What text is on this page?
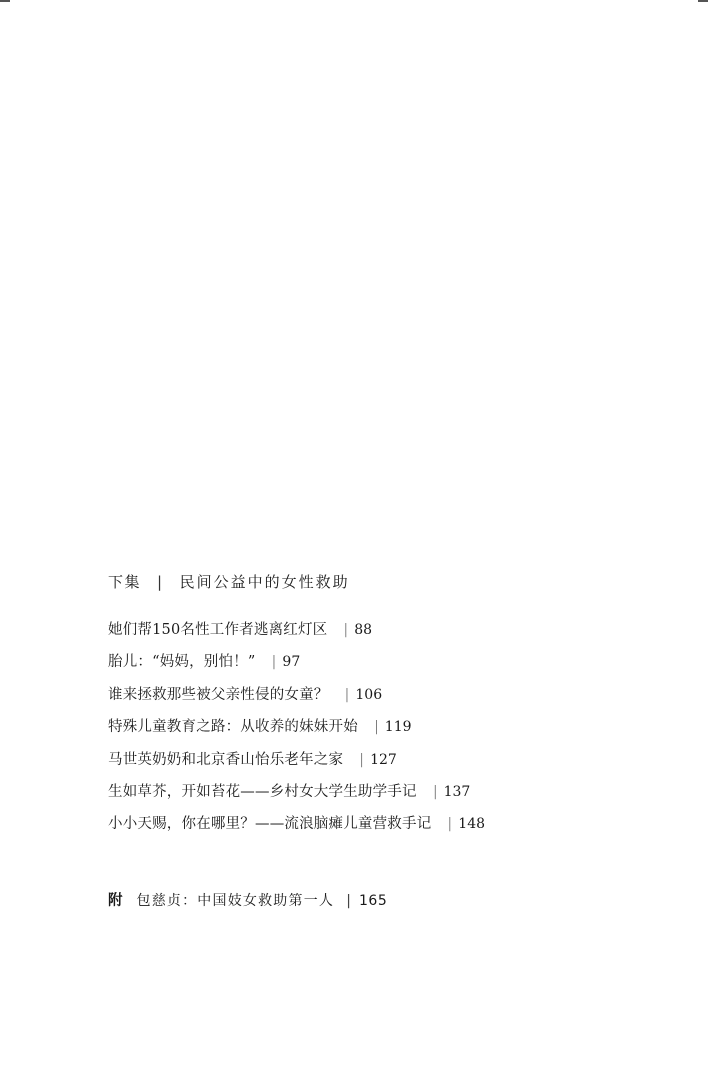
下集 | 民间公益中的女性救助
她们帮150名性工作者逃离红灯区 | 88
胎儿：“妈妈，别怕！” | 97
谁来拯救那些被父亲性侵的女童？ | 106
特殊儿童教育之路：从收养的妹妹开始 | 119
马世英奶奶和北京香山怡乐老年之家 | 127
生如草芥，开如苔花——乡村女大学生助学手记 | 137
小小天赐，你在哪里？——流浪脑瘫儿童营救手记 | 148
附 包慈贞：中国妓女救助第一人 | 165
